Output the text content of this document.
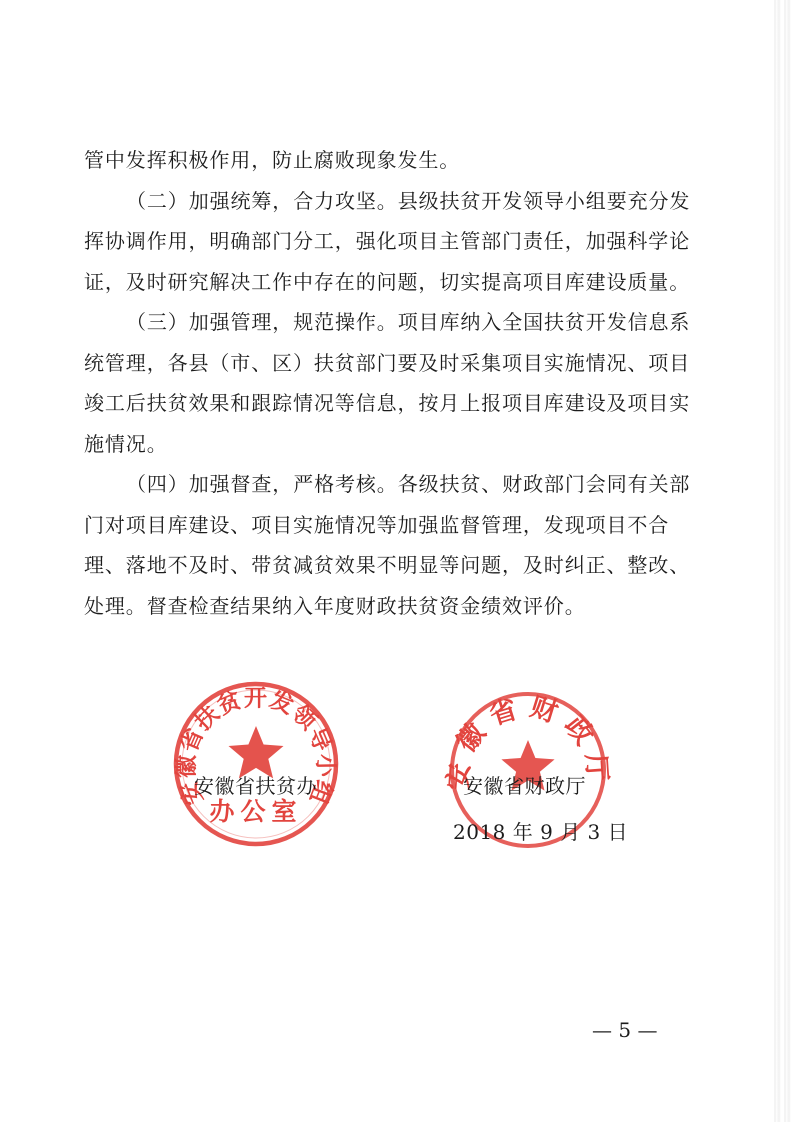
管中发挥积极作用，防止腐败现象发生。

（二）加强统筹，合力攻坚。县级扶贫开发领导小组要充分发挥协调作用，明确部门分工，强化项目主管部门责任，加强科学论证，及时研究解决工作中存在的问题，切实提高项目库建设质量。

（三）加强管理，规范操作。项目库纳入全国扶贫开发信息系统管理，各县（市、区）扶贫部门要及时采集项目实施情况、项目竣工后扶贫效果和跟踪情况等信息，按月上报项目库建设及项目实施情况。

（四）加强督查，严格考核。各级扶贫、财政部门会同有关部门对项目库建设、项目实施情况等加强监督管理，发现项目不合理、落地不及时、带贫减贫效果不明显等问题，及时纠正、整改、处理。督查检查结果纳入年度财政扶贫资金绩效评价。

安徽省扶贫开发领导小组
办公室
安徽省财政厅
安徽省扶贫办	安徽省财政厅
2018 年 9 月 3 日
— 5 —
